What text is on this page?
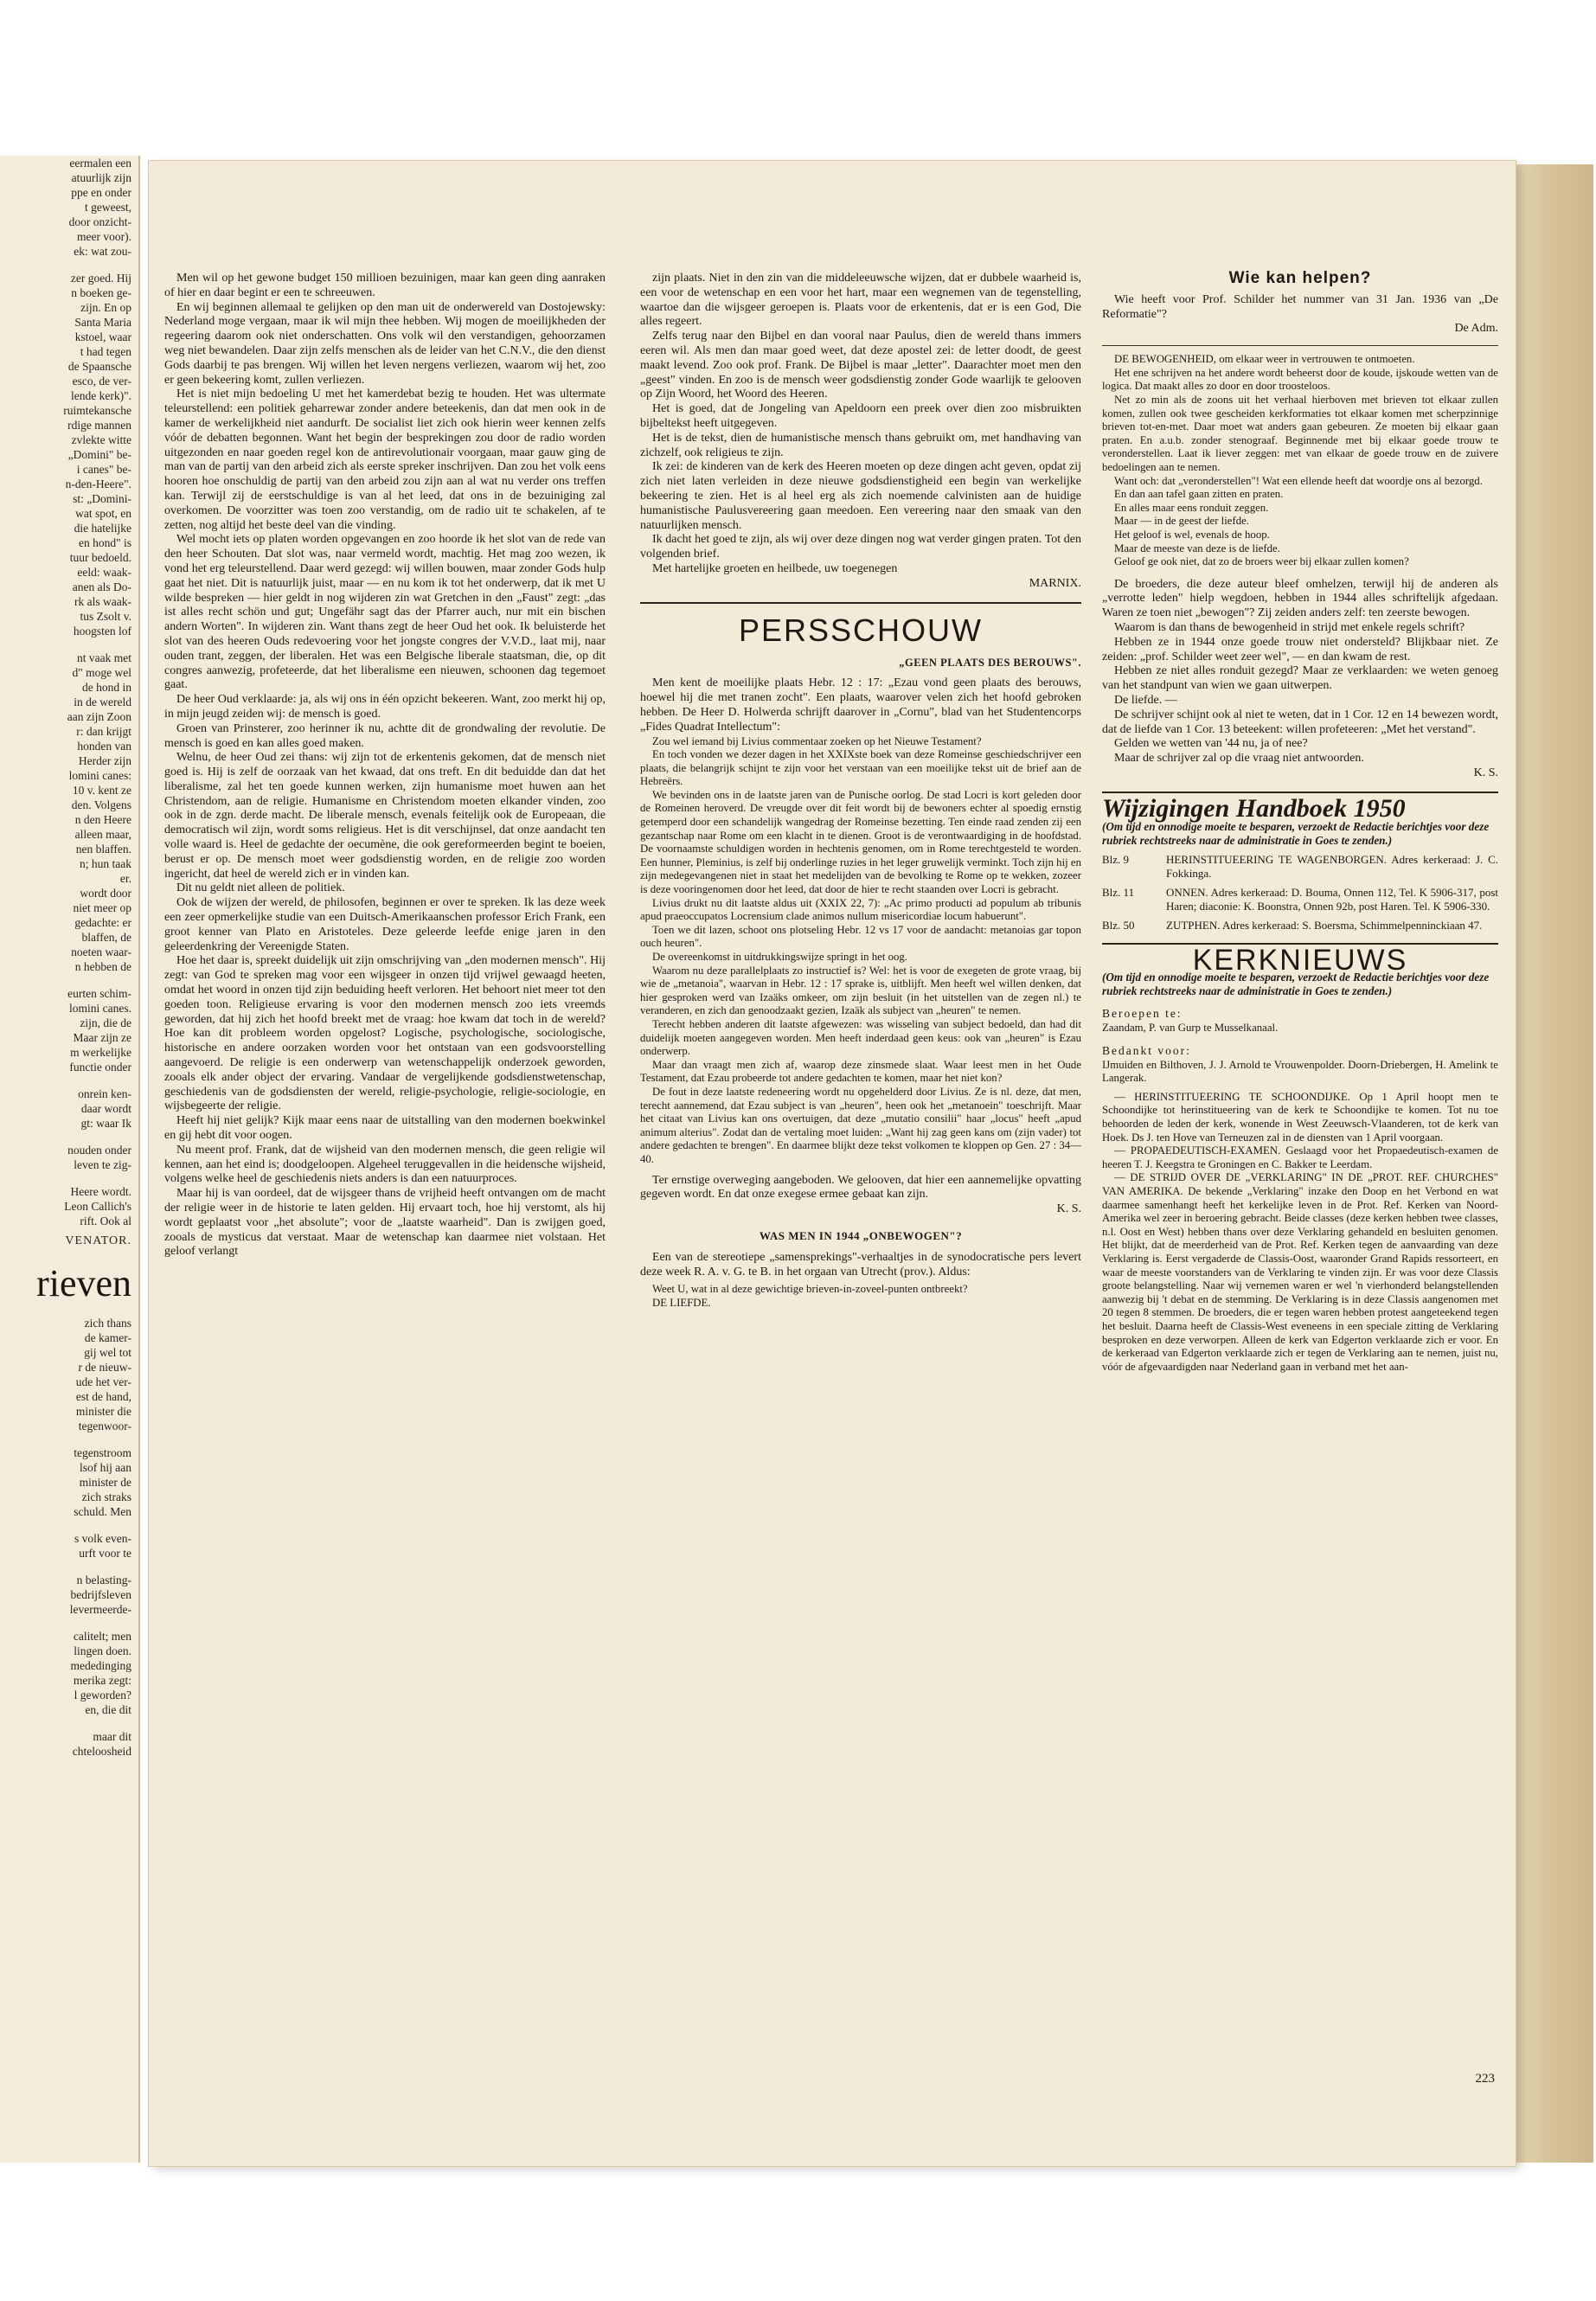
eermalen een
atuurlijk zijn
ppe en onder
t geweest,
door onzicht-
meer voor).
ek: wat zou-
zer goed. Hij
n boeken ge-
zijn. En op
Santa Maria
kstoel, waar
t had tegen
de Spaansche
esco, de ver-
lende kerk)".
ruimtekansche
rdige mannen
zvlekte witte
„Domini" be-
i canes" be-
n-den-Heere".
st: „Domini-
wat spot, en
die hatelijke
en hond" is
tuur bedoeld.
eeld: waak-
anen als Do-
rk als waak-
tus Zsolt v.
hoogsten lof
nt vaak met
d" moge wel
de hond in
in de wereld
aan zijn Zoon
r: dan krijgt
honden van
Herder zijn
lomini canes:
10 v. kent ze
den. Volgens
n den Heere
alleen maar,
nen blaffen.
n; hun taak
er.
wordt door
niet meer op
gedachte: er
blaffen, de
noeten waar-
n hebben de
eurten schim-
lomini canes.
zijn, die de
Maar zijn ze
m werkelijke
functie onder
onrein ken-
daar wordt
gt: waar Ik
nouden onder
leven te zig-
Heere wordt.
Leon Callich's
rift. Ook al
VENATOR.
rieven
zich thans
de kamer-
gij wel tot
r de nieuw-
ude het ver-
est de hand,
minister die
tegenwoor-
tegenstroom
lsof hij aan
minister de
zich straks
schuld. Men
s volk even-
urft voor te
n belasting-
bedrijfsleven
levermeerde-
calitelt; men
lingen doen.
mededinging
merika zegt:
l geworden?
en, die dit
maar dit
chteloosheid

Men wil op het gewone budget 150 millioen bezuinigen, maar kan geen ding aanraken of hier en daar begint er een te schreeuwen.

En wij beginnen allemaal te gelijken op den man uit de onderwereld van Dostojewsky: Nederland moge vergaan, maar ik wil mijn thee hebben. Wij mogen de moeilijkheden der regeering daarom ook niet onderschatten. Ons volk wil den verstandigen, gehoorzamen weg niet bewandelen. Daar zijn zelfs menschen als de leider van het C.N.V., die den dienst Gods daarbij te pas brengen. Wij willen het leven nergens verliezen, waarom wij het, zoo er geen bekeering komt, zullen verliezen.

Het is niet mijn bedoeling U met het kamerdebat bezig te houden. Het was ultermate teleurstellend: een politiek geharrewar zonder andere beteekenis, dan dat men ook in de kamer de werkelijkheid niet aandurft. De socialist liet zich ook hierin weer kennen zelfs vóór de debatten begonnen. Want het begin der besprekingen zou door de radio worden uitgezonden en naar goeden regel kon de antirevolutionair voorgaan, maar gauw ging de man van de partij van den arbeid zich als eerste spreker inschrijven. Dan zou het volk eens hooren hoe onschuldig de partij van den arbeid zou zijn aan al wat nu verder ons treffen kan. Terwijl zij de eerstschuldige is van al het leed, dat ons in de bezuiniging zal overkomen. De voorzitter was toen zoo verstandig, om de radio uit te schakelen, af te zetten, nog altijd het beste deel van die vinding.

Wel mocht iets op platen worden opgevangen en zoo hoorde ik het slot van de rede van den heer Schouten. Dat slot was, naar vermeld wordt, machtig. Het mag zoo wezen, ik vond het erg teleurstellend. Daar werd gezegd: wij willen bouwen, maar zonder Gods hulp gaat het niet. Dit is natuurlijk juist, maar — en nu kom ik tot het onderwerp, dat ik met U wilde bespreken — hier geldt in nog wijderen zin wat Gretchen in den „Faust" zegt: „das ist alles recht schön und gut; Ungefähr sagt das der Pfarrer auch, nur mit ein bischen andern Worten". In wijderen zin. Want thans zegt de heer Oud het ook. Ik beluisterde het slot van des heeren Ouds redevoering voor het jongste congres der V.V.D., laat mij, naar ouden trant, zeggen, der liberalen. Het was een Belgische liberale staatsman, die, op dit congres aanwezig, profeteerde, dat het liberalisme een nieuwen, schoonen dag tegemoet gaat.

De heer Oud verklaarde: ja, als wij ons in één opzicht bekeeren. Want, zoo merkt hij op, in mijn jeugd zeiden wij: de mensch is goed.

Groen van Prinsterer, zoo herinner ik nu, achtte dit de grondwaling der revolutie. De mensch is goed en kan alles goed maken.

Welnu, de heer Oud zei thans: wij zijn tot de erkentenis gekomen, dat de mensch niet goed is. Hij is zelf de oorzaak van het kwaad, dat ons treft. En dit beduidde dan dat het liberalisme, zal het ten goede kunnen werken, zijn humanisme moet huwen aan het Christendom, aan de religie. Humanisme en Christendom moeten elkander vinden, zoo ook in de zgn. derde macht. De liberale mensch, evenals feitelijk ook de Europeaan, die democratisch wil zijn, wordt soms religieus. Het is dit verschijnsel, dat onze aandacht ten volle waard is. Heel de gedachte der oecumène, die ook gereformeerden begint te boeien, berust er op. De mensch moet weer godsdienstig worden, en de religie zoo worden ingericht, dat heel de wereld zich er in vinden kan.

Dit nu geldt niet alleen de politiek.

Ook de wijzen der wereld, de philosofen, beginnen er over te spreken. Ik las deze week een zeer opmerkelijke studie van een Duitsch-Amerikaanschen professor Erich Frank, een groot kenner van Plato en Aristoteles. Deze geleerde leefde enige jaren in den geleerdenkring der Vereenigde Staten.

Hoe het daar is, spreekt duidelijk uit zijn omschrijving van „den modernen mensch". Hij zegt: van God te spreken mag voor een wijsgeer in onzen tijd vrijwel gewaagd heeten, omdat het woord in onzen tijd zijn beduiding heeft verloren. Het behoort niet meer tot den goeden toon. Religieuse ervaring is voor den modernen mensch zoo iets vreemds geworden, dat hij zich het hoofd breekt met de vraag: hoe kwam dat toch in de wereld? Hoe kan dit probleem worden opgelost? Logische, psychologische, sociologische, historische en andere oorzaken worden voor het ontstaan van een godsvoorstelling aangevoerd. De religie is een onderwerp van wetenschappelijk onderzoek geworden, zooals elk ander object der ervaring. Vandaar de vergelijkende godsdienstwetenschap, geschiedenis van de godsdiensten der wereld, religie-psychologie, religie-sociologie, en wijsbegeerte der religie.

Heeft hij niet gelijk? Kijk maar eens naar de uitstalling van den modernen boekwinkel en gij hebt dit voor oogen.

Nu meent prof. Frank, dat de wijsheid van den modernen mensch, die geen religie wil kennen, aan het eind is; doodgeloopen. Algeheel teruggevallen in die heidensche wijsheid, volgens welke heel de geschiedenis niets anders is dan een natuurproces.

Maar hij is van oordeel, dat de wijsgeer thans de vrijheid heeft ontvangen om de macht der religie weer in de historie te laten gelden. Hij ervaart toch, hoe hij verstomt, als hij wordt geplaatst voor „het absolute"; voor de „laatste waarheid". Dan is zwijgen goed, zooals de mysticus dat verstaat. Maar de wetenschap kan daarmee niet volstaan. Het geloof verlangt

zijn plaats. Niet in den zin van die middeleeuwsche wijzen, dat er dubbele waarheid is, een voor de wetenschap en een voor het hart, maar een wegnemen van de tegenstelling, waartoe dan die wijsgeer geroepen is. Plaats voor de erkentenis, dat er is een God, Die alles regeert.

Zelfs terug naar den Bijbel en dan vooral naar Paulus, dien de wereld thans immers eeren wil. Als men dan maar goed weet, dat deze apostel zei: de letter doodt, de geest maakt levend. Zoo ook prof. Frank. De Bijbel is maar „letter". Daarachter moet men den „geest" vinden. En zoo is de mensch weer godsdienstig zonder Gode waarlijk te gelooven op Zijn Woord, het Woord des Heeren.

Het is goed, dat de Jongeling van Apeldoorn een preek over dien zoo misbruikten bijbeltekst heeft uitgegeven.

Het is de tekst, dien de humanistische mensch thans gebruikt om, met handhaving van zichzelf, ook religieus te zijn.

Ik zei: de kinderen van de kerk des Heeren moeten op deze dingen acht geven, opdat zij zich niet laten verleiden in deze nieuwe godsdienstigheid een begin van werkelijke bekeering te zien. Het is al heel erg als zich noemende calvinisten aan de huidige humanistische Paulusvereering gaan meedoen. Een vereering naar den smaak van den natuurlijken mensch.

Ik dacht het goed te zijn, als wij over deze dingen nog wat verder gingen praten. Tot den volgenden brief.

Met hartelijke groeten en heilbede, uw toegenegen

MARNIX.

PERSSCHOUW
„GEEN PLAATS DES BEROUWS".

Men kent de moeilijke plaats Hebr. 12 : 17: „Ezau vond geen plaats des berouws, hoewel hij die met tranen zocht". Een plaats, waarover velen zich het hoofd gebroken hebben. De Heer D. Holwerda schrijft daarover in „Cornu", blad van het Studentencorps „Fides Quadrat Intellectum":

Zou wel iemand bij Livius commentaar zoeken op het Nieuwe Testament?

En toch vonden we dezer dagen in het XXIXste boek van deze Romeinse geschiedschrijver een plaats, die belangrijk schijnt te zijn voor het verstaan van een moeilijke tekst uit de brief aan de Hebreërs.

We bevinden ons in de laatste jaren van de Punische oorlog. De stad Locri is kort geleden door de Romeinen heroverd. De vreugde over dit feit wordt bij de bewoners echter al spoedig ernstig getemperd door een schandelijk wangedrag der Romeinse bezetting. Ten einde raad zenden zij een gezantschap naar Rome om een klacht in te dienen. Groot is de verontwaardiging in de hoofdstad. De voornaamste schuldigen worden in hechtenis genomen, om in Rome terechtgesteld te worden. Een hunner, Pleminius, is zelf bij onderlinge ruzies in het leger gruwelijk verminkt. Toch zijn hij en zijn medegevangenen niet in staat het medelijden van de bevolking te Rome op te wekken, zozeer is deze vooringenomen door het leed, dat door de hier te recht staanden over Locri is gebracht.

Livius drukt nu dit laatste aldus uit (XXIX 22, 7): „Ac primo producti ad populum ab tribunis apud praeoccupatos Locrensium clade animos nullum misericordiae locum habuerunt".

Toen we dit lazen, schoot ons plotseling Hebr. 12 vs 17 voor de aandacht: metanoias gar topon ouch heuren".

De overeenkomst in uitdrukkingswijze springt in het oog.

Waarom nu deze parallelplaats zo instructief is? Wel: het is voor de exegeten de grote vraag, bij wie de „metanoia", waarvan in Hebr. 12 : 17 sprake is, uitblijft. Men heeft wel willen denken, dat hier gesproken werd van Izaäks omkeer, om zijn besluit (in het uitstellen van de zegen nl.) te veranderen, en zich dan genoodzaakt gezien, Izaäk als subject van „heuren" te nemen.

Terecht hebben anderen dit laatste afgewezen: was wisseling van subject bedoeld, dan had dit duidelijk moeten aangegeven worden. Men heeft inderdaad geen keus: ook van „heuren" is Ezau onderwerp.

Maar dan vraagt men zich af, waarop deze zinsmede slaat. Waar leest men in het Oude Testament, dat Ezau probeerde tot andere gedachten te komen, maar het niet kon?

De fout in deze laatste redeneering wordt nu opgehelderd door Livius. Ze is nl. deze, dat men, terecht aannemend, dat Ezau subject is van „heuren", heen ook het „metanoein" toeschrijft. Maar het citaat van Livius kan ons overtuigen, dat deze „mutatio consilii" haar „locus" heeft „apud animum alterius". Zodat dan de vertaling moet luiden: „Want hij zag geen kans om (zijn vader) tot andere gedachten te brengen". En daarmee blijkt deze tekst volkomen te kloppen op Gen. 27 : 34—40.

Ter ernstige overweging aangeboden. We gelooven, dat hier een aannemelijke opvatting gegeven wordt. En dat onze exegese ermee gebaat kan zijn.

K. S.

WAS MEN IN 1944 „ONBEWOGEN"?

Een van de stereotiepe „samensprekings"-verhaaltjes in de synodocratische pers levert deze week R. A. v. G. te B. in het orgaan van Utrecht (prov.). Aldus:

Weet U, wat in al deze gewichtige brieven-in-zoveel-punten ontbreekt?

DE LIEFDE.

Wie kan helpen?

Wie heeft voor Prof. Schilder het nummer van 31 Jan. 1936 van „De Reformatie"?

De Adm.

DE BEWOGENHEID, om elkaar weer in vertrouwen te ontmoeten.

Het ene schrijven na het andere wordt beheerst door de koude, ijskoude wetten van de logica. Dat maakt alles zo door en door troosteloos.

Net zo min als de zoons uit het verhaal hierboven met brieven tot elkaar zullen komen, zullen ook twee gescheiden kerkformaties tot elkaar komen met scherpzinnige brieven tot-en-met. Daar moet wat anders gaan gebeuren. Ze moeten bij elkaar gaan praten. En a.u.b. zonder stenograaf. Beginnende met bij elkaar goede trouw te veronderstellen. Laat ik liever zeggen: met van elkaar de goede trouw en de zuivere bedoelingen aan te nemen.

Want och: dat „veronderstellen"! Wat een ellende heeft dat woordje ons al bezorgd.

En dan aan tafel gaan zitten en praten.

En alles maar eens ronduit zeggen.

Maar — in de geest der liefde.

Het geloof is wel, evenals de hoop.

Maar de meeste van deze is de liefde.

Geloof ge ook niet, dat zo de broers weer bij elkaar zullen komen?

De broeders, die deze auteur bleef omhelzen, terwijl hij de anderen als „verrotte leden" hielp wegdoen, hebben in 1944 alles schriftelijk afgedaan. Waren ze toen niet „bewogen"? Zij zeiden anders zelf: ten zeerste bewogen.

Waarom is dan thans de bewogenheid in strijd met enkele regels schrift?

Hebben ze in 1944 onze goede trouw niet ondersteld? Blijkbaar niet. Ze zeiden: „prof. Schilder weet zeer wel", — en dan kwam de rest.

Hebben ze niet alles ronduit gezegd? Maar ze verklaarden: we weten genoeg van het standpunt van wien we gaan uitwerpen.

De liefde. —

De schrijver schijnt ook al niet te weten, dat in 1 Cor. 12 en 14 bewezen wordt, dat de liefde van 1 Cor. 13 beteekent: willen profeteeren: „Met het verstand".

Gelden we wetten van '44 nu, ja of nee?

Maar de schrijver zal op die vraag niet antwoorden.

K. S.

Wijzigingen Handboek 1950
(Om tijd en onnodige moeite te besparen, verzoekt de Redactie berichtjes voor deze rubriek rechtstreeks naar de administratie in Goes te zenden.)
Blz. 9	HERINSTITUEERING TE WAGENBORGEN. Adres kerkeraad: J. C. Fokkinga.
Blz. 11	ONNEN. Adres kerkeraad: D. Bouma, Onnen 112, Tel. K 5906-317, post Haren; diaconie: K. Boonstra, Onnen 92b, post Haren. Tel. K 5906-330.
Blz. 50	ZUTPHEN. Adres kerkeraad: S. Boersma, Schimmelpenninckiaan 47.
KERKNIEUWS
(Om tijd en onnodige moeite te besparen, verzoekt de Redactie berichtjes voor deze rubriek rechtstreeks naar de administratie in Goes te zenden.)
Beroepen te:

Zaandam, P. van Gurp te Musselkanaal.

Bedankt voor:

IJmuiden en Bilthoven, J. J. Arnold te Vrouwenpolder. Doorn-Driebergen, H. Amelink te Langerak.

— HERINSTITUEERING TE SCHOONDIJKE. Op 1 April hoopt men te Schoondijke tot herinstitueering van de kerk te Schoondijke te komen. Tot nu toe behoorden de leden der kerk, wonende in West Zeeuwsch-Vlaanderen, tot de kerk van Hoek. Ds J. ten Hove van Terneuzen zal in de diensten van 1 April voorgaan.

— PROPAEDEUTISCH-EXAMEN. Geslaagd voor het Propaedeutisch-examen de heeren T. J. Keegstra te Groningen en C. Bakker te Leerdam.

— DE STRIJD OVER DE „VERKLARING" IN DE „PROT. REF. CHURCHES" VAN AMERIKA. De bekende „Verklaring" inzake den Doop en het Verbond en wat daarmee samenhangt heeft het kerkelijke leven in de Prot. Ref. Kerken van Noord-Amerika wel zeer in beroering gebracht. Beide classes (deze kerken hebben twee classes, n.l. Oost en West) hebben thans over deze Verklaring gehandeld en besluiten genomen. Het blijkt, dat de meerderheid van de Prot. Ref. Kerken tegen de aanvaarding van deze Verklaring is. Eerst vergaderde de Classis-Oost, waaronder Grand Rapids ressorteert, en waar de meeste voorstanders van de Verklaring te vinden zijn. Er was voor deze Classis groote belangstelling. Naar wij vernemen waren er wel 'n vierhonderd belangstellenden aanwezig bij 't debat en de stemming. De Verklaring is in deze Classis aangenomen met 20 tegen 8 stemmen. De broeders, die er tegen waren hebben protest aangeteekend tegen het besluit. Daarna heeft de Classis-West eveneens in een speciale zitting de Verklaring besproken en deze verworpen. Alleen de kerk van Edgerton verklaarde zich er voor. En de kerkeraad van Edgerton verklaarde zich er tegen de Verklaring aan te nemen, juist nu, vóór de afgevaardigden naar Nederland gaan in verband met het aan-

223
